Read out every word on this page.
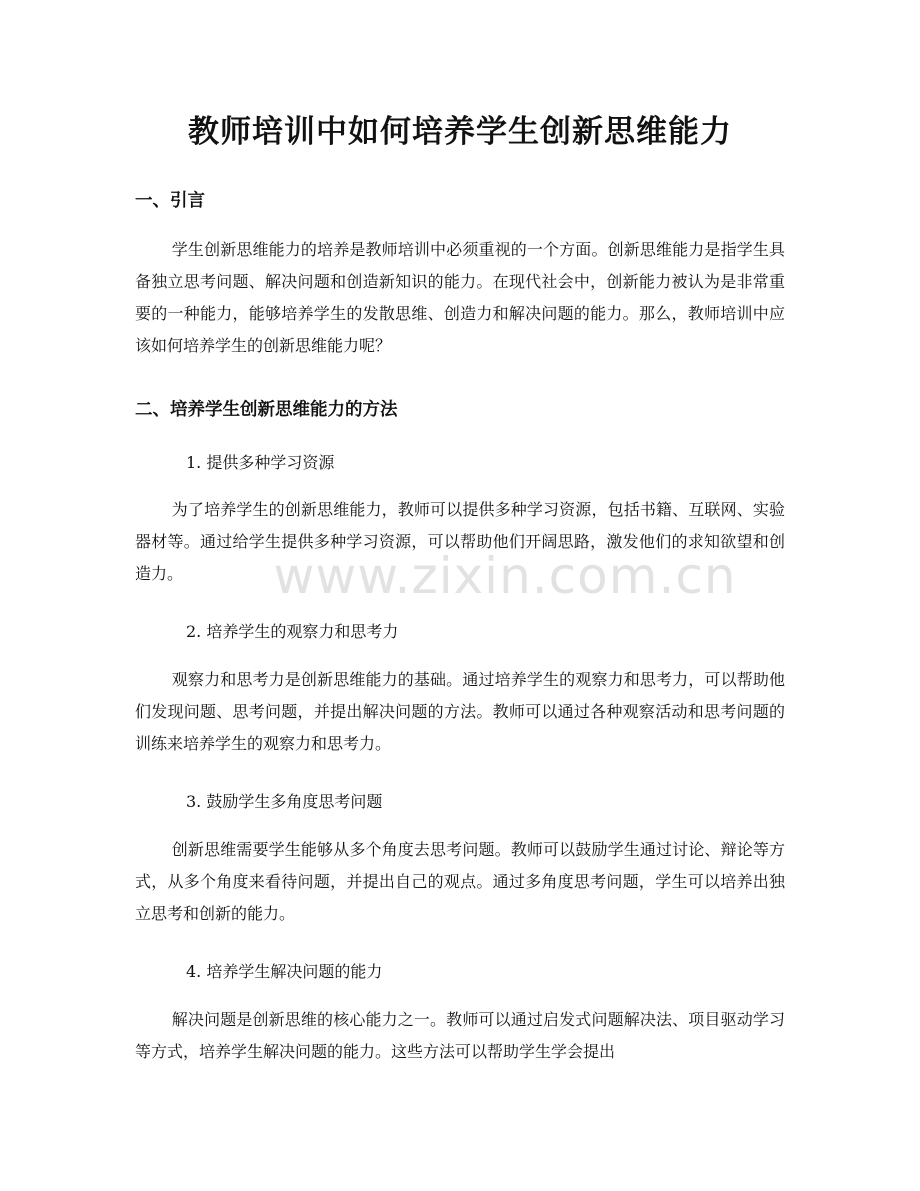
教师培训中如何培养学生创新思维能力
一、引言
学生创新思维能力的培养是教师培训中必须重视的一个方面。创新思维能力是指学生具备独立思考问题、解决问题和创造新知识的能力。在现代社会中，创新能力被认为是非常重要的一种能力，能够培养学生的发散思维、创造力和解决问题的能力。那么，教师培训中应该如何培养学生的创新思维能力呢？
二、培养学生创新思维能力的方法
1. 提供多种学习资源
为了培养学生的创新思维能力，教师可以提供多种学习资源，包括书籍、互联网、实验器材等。通过给学生提供多种学习资源，可以帮助他们开阔思路，激发他们的求知欲望和创造力。
2. 培养学生的观察力和思考力
观察力和思考力是创新思维能力的基础。通过培养学生的观察力和思考力，可以帮助他们发现问题、思考问题，并提出解决问题的方法。教师可以通过各种观察活动和思考问题的训练来培养学生的观察力和思考力。
3. 鼓励学生多角度思考问题
创新思维需要学生能够从多个角度去思考问题。教师可以鼓励学生通过讨论、辩论等方式，从多个角度来看待问题，并提出自己的观点。通过多角度思考问题，学生可以培养出独立思考和创新的能力。
4. 培养学生解决问题的能力
解决问题是创新思维的核心能力之一。教师可以通过启发式问题解决法、项目驱动学习等方式，培养学生解决问题的能力。这些方法可以帮助学生学会提出
www.zixin.com.cn
